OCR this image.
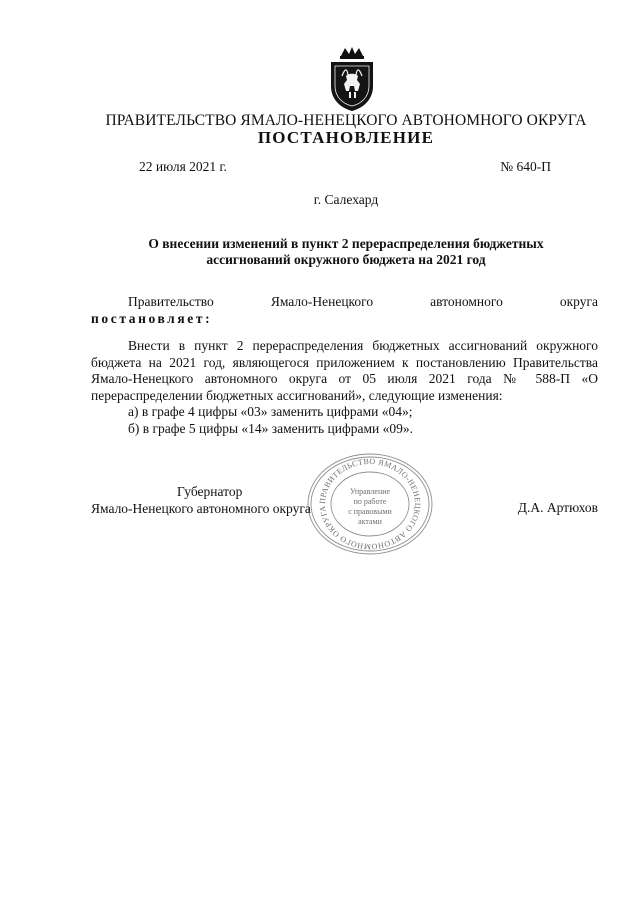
ПРАВИТЕЛЬСТВО ЯМАЛО-НЕНЕЦКОГО АВТОНОМНОГО ОКРУГА
ПОСТАНОВЛЕНИЕ
22 июля 2021 г.	№ 640-П
г. Салехард
О внесении изменений в пункт 2 перераспределения бюджетных
ассигнований окружного бюджета на 2021 год
Правительство	Ямало-Ненецкого	автономного	округа
постановляет:
Внести в пункт 2 перераспределения бюджетных ассигнований окружного бюджета на 2021 год, являющегося приложением к постановлению Правительства Ямало-Ненецкого автономного округа от 05 июля 2021 года № 588-П «О перераспределении бюджетных ассигнований», следующие изменения:
а) в графе 4 цифры «03» заменить цифрами «04»;
б) в графе 5 цифры «14» заменить цифрами «09».
Губернатор
Ямало-Ненецкого автономного округа	Д.А. Артюхов
ПРАВИТЕЛЬСТВО ЯМАЛО-НЕНЕЦКОГО АВТОНОМНОГО ОКРУГА
Управление
по работе
с правовыми
актами
